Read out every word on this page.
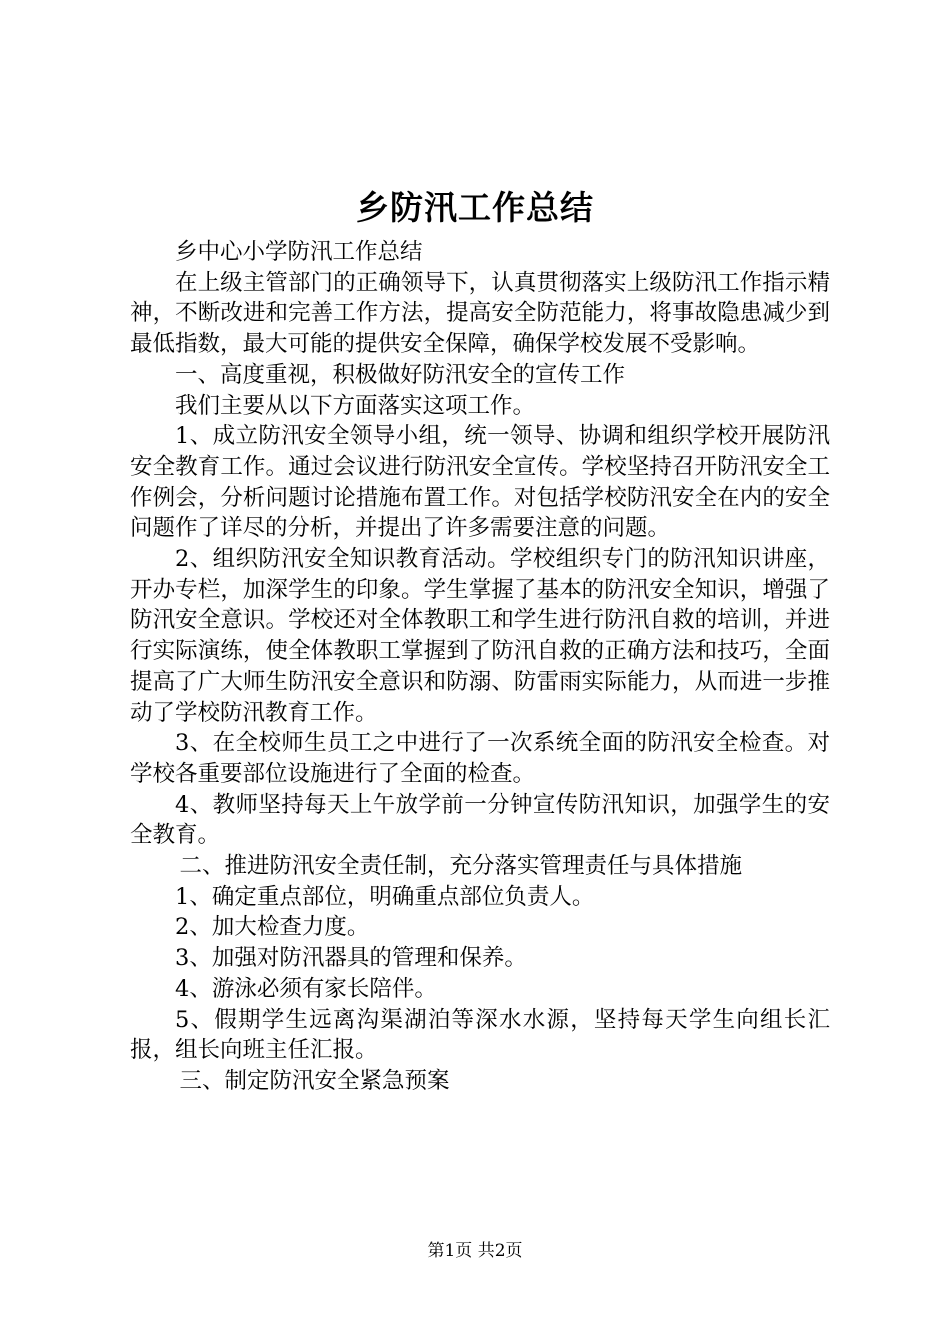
乡防汛工作总结

乡中心小学防汛工作总结

在上级主管部门的正确领导下，认真贯彻落实上级防汛工作指示精神，不断改进和完善工作方法，提高安全防范能力，将事故隐患减少到最低指数，最大可能的提供安全保障，确保学校发展不受影响。

一、高度重视，积极做好防汛安全的宣传工作

我们主要从以下方面落实这项工作。

1、成立防汛安全领导小组，统一领导、协调和组织学校开展防汛安全教育工作。通过会议进行防汛安全宣传。学校坚持召开防汛安全工作例会，分析问题讨论措施布置工作。对包括学校防汛安全在内的安全问题作了详尽的分析，并提出了许多需要注意的问题。

2、组织防汛安全知识教育活动。学校组织专门的防汛知识讲座，开办专栏，加深学生的印象。学生掌握了基本的防汛安全知识，增强了防汛安全意识。学校还对全体教职工和学生进行防汛自救的培训，并进行实际演练，使全体教职工掌握到了防汛自救的正确方法和技巧，全面提高了广大师生防汛安全意识和防溺、防雷雨实际能力，从而进一步推动了学校防汛教育工作。

3、在全校师生员工之中进行了一次系统全面的防汛安全检查。对学校各重要部位设施进行了全面的检查。

4、教师坚持每天上午放学前一分钟宣传防汛知识，加强学生的安全教育。

二、推进防汛安全责任制，充分落实管理责任与具体措施

1、确定重点部位，明确重点部位负责人。

2、加大检查力度。

3、加强对防汛器具的管理和保养。

4、游泳必须有家长陪伴。

5、假期学生远离沟渠湖泊等深水水源，坚持每天学生向组长汇报，组长向班主任汇报。

三、制定防汛安全紧急预案

第1页 共2页
